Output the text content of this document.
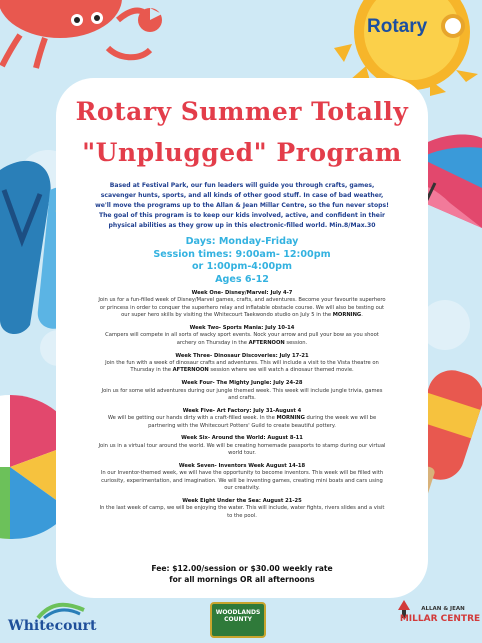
Rotary
Rotary Summer Totally
"Unplugged" Program
Based at Festival Park, our fun leaders will guide you through crafts, games, scavenger hunts, sports, and all kinds of other good stuff. In case of bad weather, we'll move the programs up to the Allan & Jean Millar Centre, so the fun never stops! The goal of this program is to keep our kids involved, active, and confident in their physical abilities as they grow up in this electronic-filled world. Min.8/Max.30
Days: Monday-Friday
Session times: 9:00am- 12:00pm
or 1:00pm-4:00pm
Ages 6-12
Week One- Disney/Marvel: July 4-7
Join us for a fun-filled week of Disney/Marvel games, crafts, and adventures. Become your favourite superhero or princess in order to conquer the superhero relay and inflatable obstacle course. We will also be testing out our super hero skills by visiting the Whitecourt Taekwondo studio on July 5 in the MORNING.
Week Two- Sports Mania: July 10-14
Campers will compete in all sorts of wacky sport events. Nock your arrow and pull your bow as you shoot archery on Thursday in the AFTERNOON session.
Week Three- Dinosaur Discoveries: July 17-21
Join the fun with a week of dinosaur crafts and adventures. This will include a visit to the Vista theatre on Thursday in the AFTERNOON session where we will watch a dinosaur themed movie.
Week Four- The Mighty Jungle: July 24-28
Join us for some wild adventures during our jungle themed week. This week will include jungle trivia, games and crafts.
Week Five- Art Factory: July 31-August 4
We will be getting our hands dirty with a craft-filled week. In the MORNING during the week we will be partnering with the Whitecourt Potters' Guild to create beautiful pottery.
Week Six- Around the World: August 8-11
Join us in a virtual tour around the world. We will be creating homemade passports to stamp during our virtual world tour.
Week Seven- Inventors Week August 14-18
In our Inventor-themed week, we will have the opportunity to become inventors. This week will be filled with curiosity, experimentation, and imagination. We will be inventing games, creating mini boats and cars using our creativity.
Week Eight Under the Sea: August 21-25
In the last week of camp, we will be enjoying the water. This will include, water fights, rivers slides and a visit to the pool.
Fee: $12.00/session or $30.00 weekly rate
for all mornings OR all afternoons
Whitecourt
WOODLANDS
COUNTY
ALLAN & JEAN
MILLAR CENTRE
